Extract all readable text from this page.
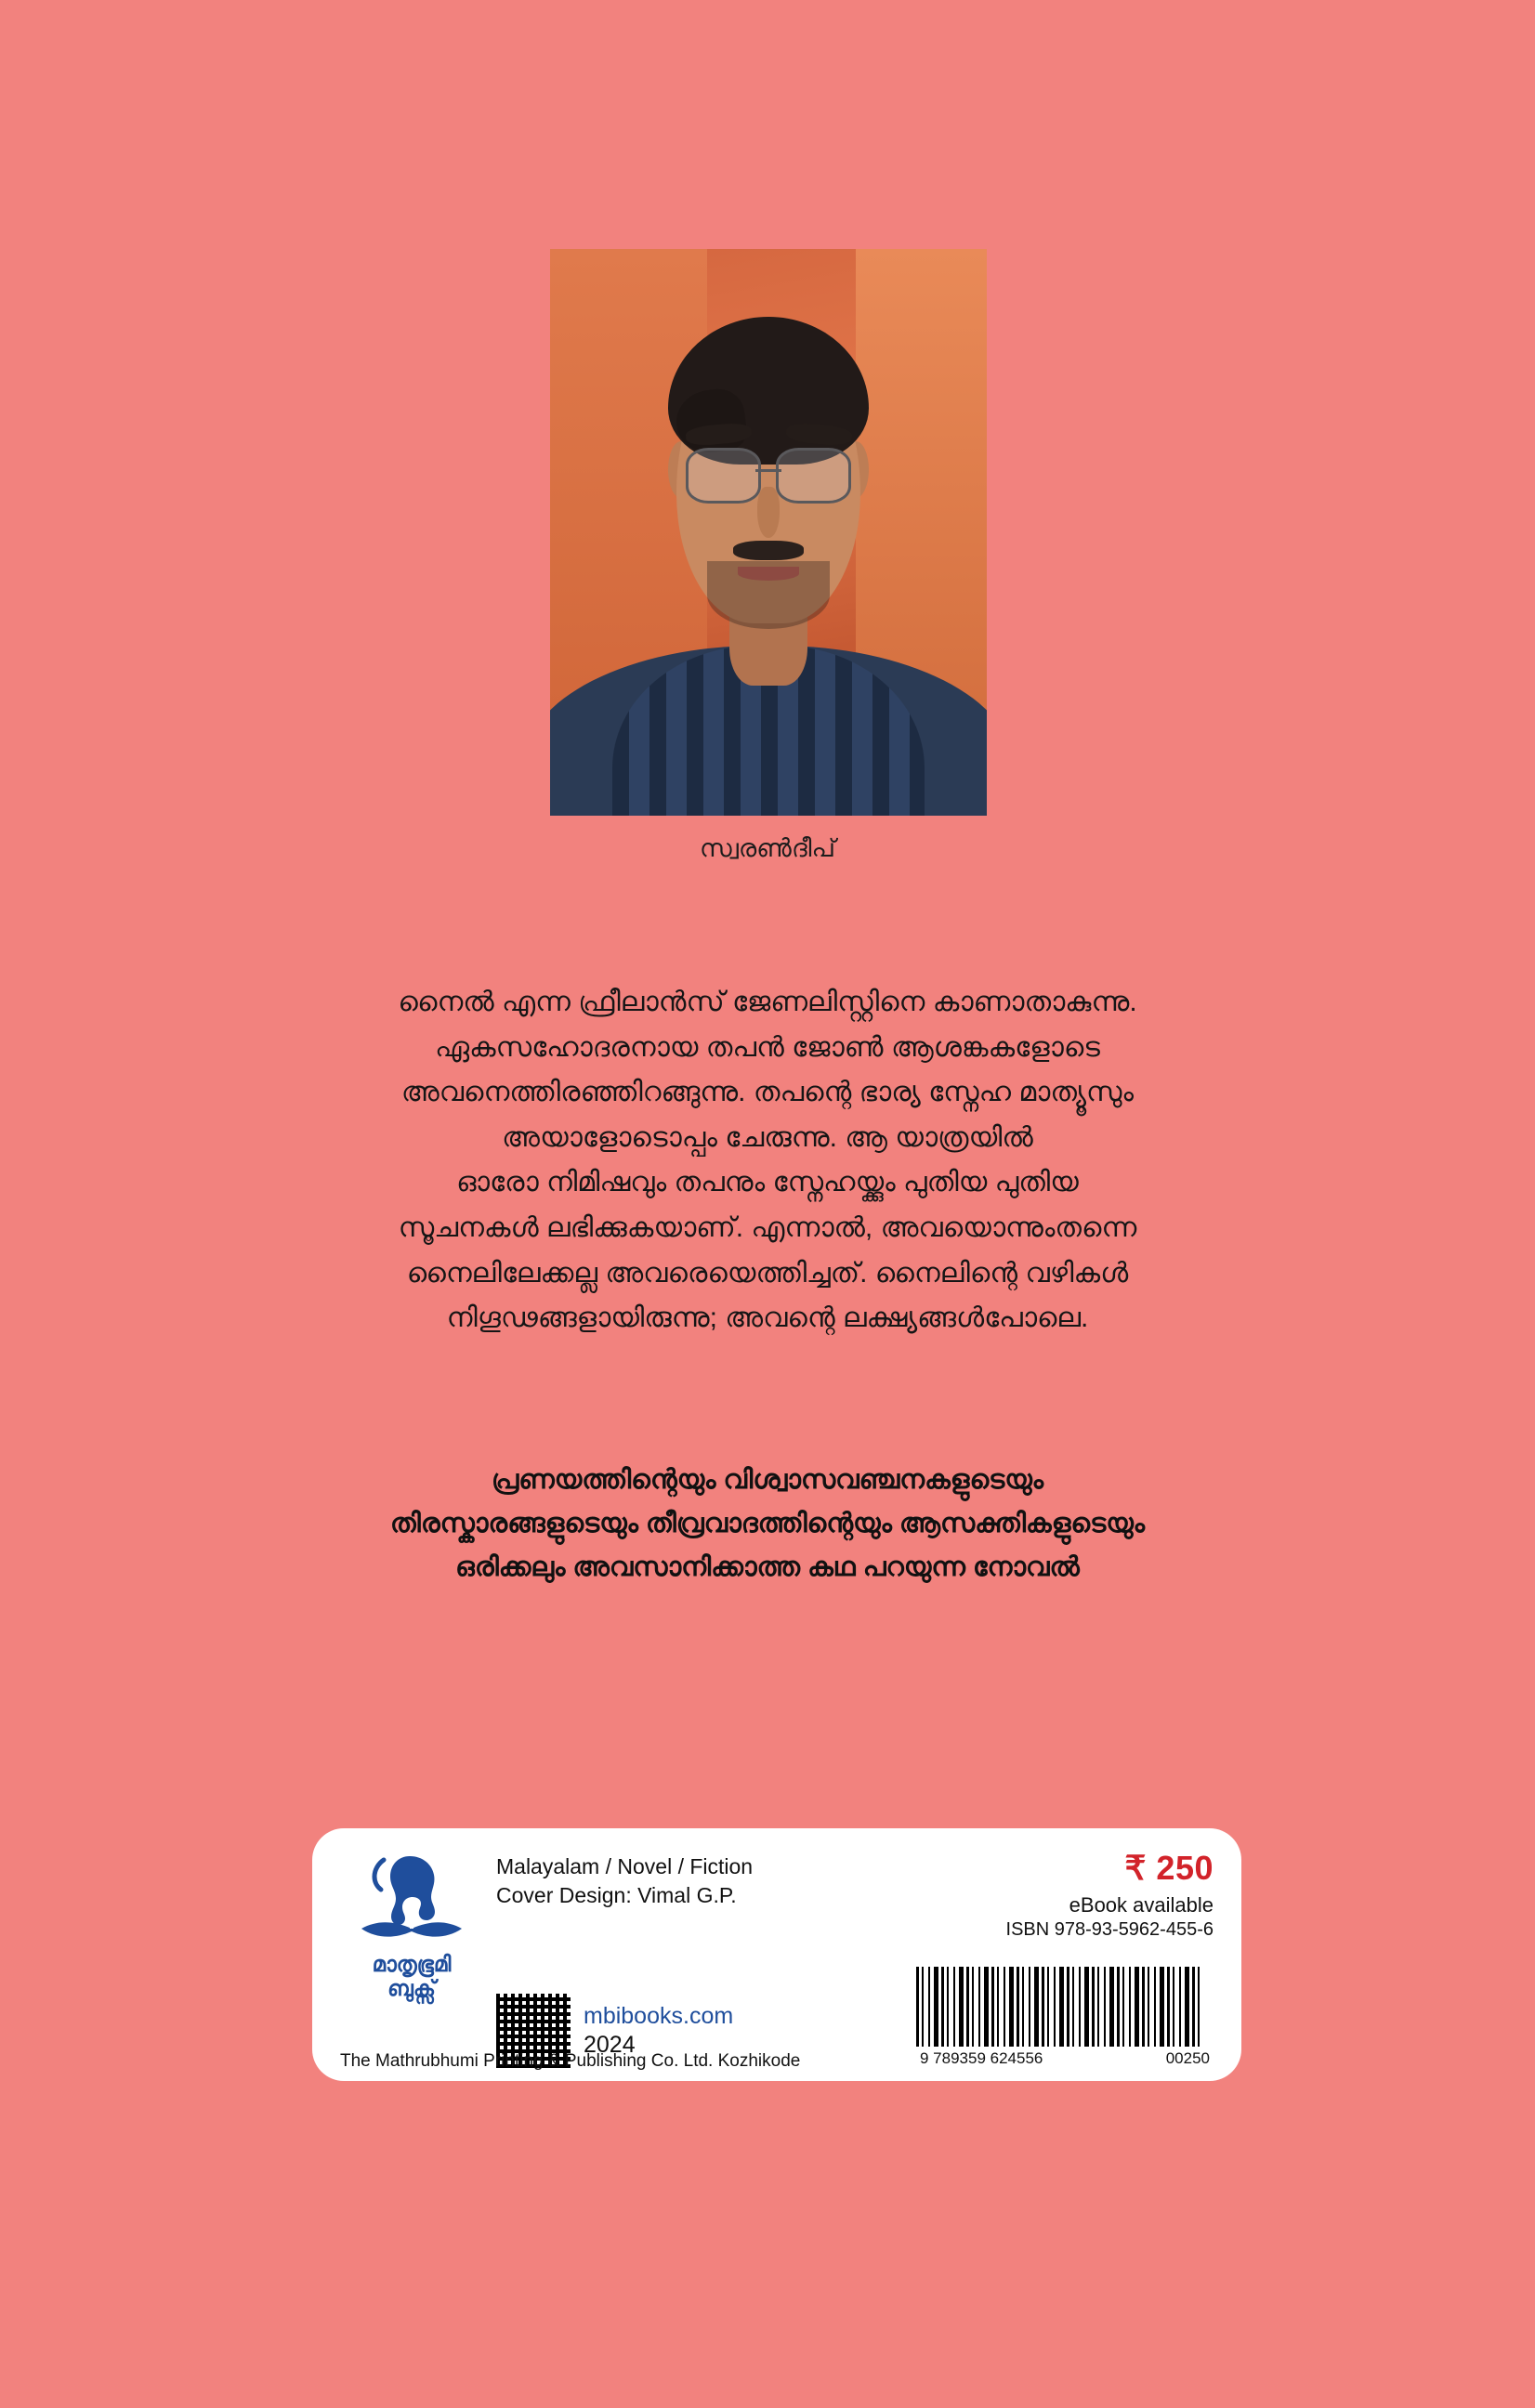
സ്വരൺദീപ്

നൈൽ എന്ന ഫ്രീലാൻസ് ജേണലിസ്റ്റിനെ കാണാതാകുന്നു.

ഏകസഹോദരനായ തപൻ ജോൺ ആശങ്കകളോടെ

അവനെത്തിരഞ്ഞിറങ്ങുന്നു. തപന്റെ ഭാര്യ സ്നേഹ മാത്യൂസും

അയാളോടൊപ്പം ചേരുന്നു. ആ യാത്രയിൽ

ഓരോ നിമിഷവും തപനും സ്നേഹയ്ക്കും പുതിയ പുതിയ

സൂചനകൾ ലഭിക്കുകയാണ്. എന്നാൽ, അവയൊന്നുംതന്നെ

നൈലിലേക്കല്ല അവരെയെത്തിച്ചത്. നൈലിന്റെ വഴികൾ

നിഗൂഢങ്ങളായിരുന്നു; അവന്റെ ലക്ഷ്യങ്ങൾപോലെ.

പ്രണയത്തിന്റെയും വിശ്വാസവഞ്ചനകളുടെയും

തിരസ്കാരങ്ങളുടെയും തീവ്രവാദത്തിന്റെയും ആസക്തികളുടെയും

ഒരിക്കലും അവസാനിക്കാത്ത കഥ പറയുന്ന നോവൽ

മാതൃഭൂമി
ബുക്സ്
Malayalam / Novel / Fiction
Cover Design: Vimal G.P.
₹ 250
eBook available
ISBN 978-93-5962-455-6
mbibooks.com
2024
9 789359 624556	00250
The Mathrubhumi Printing & Publishing Co. Ltd. Kozhikode
